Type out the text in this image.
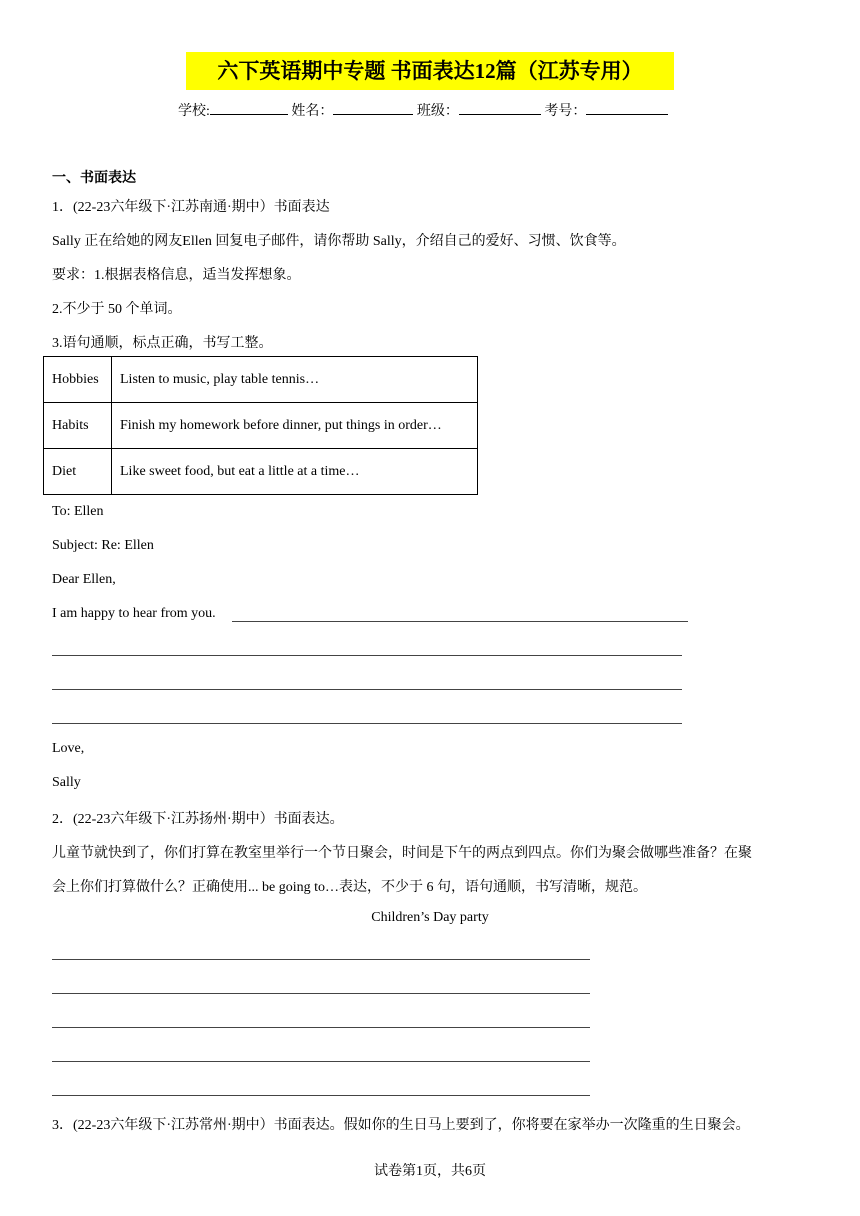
六下英语期中专题 书面表达12篇（江苏专用）
学校:	姓名：	班级：	考号：
一、书面表达
1．(22-23六年级下·江苏南通·期中）书面表达
Sally 正在给她的网友Ellen 回复电子邮件，请你帮助 Sally，介绍自己的爱好、习惯、饮食等。
要求：1.根据表格信息，适当发挥想象。
2.不少于 50 个单词。
3.语句通顺，标点正确，书写工整。
Hobbies	Listen to music, play table tennis…
Habits	Finish my homework before dinner, put things in order…
Diet	Like sweet food, but eat a little at a time…
To: Ellen
Subject: Re: Ellen
Dear Ellen,
I am happy to hear from you.
Love,
Sally
2．(22-23六年级下·江苏扬州·期中）书面表达。
儿童节就快到了，你们打算在教室里举行一个节日聚会，时间是下午的两点到四点。你们为聚会做哪些准备？在聚
会上你们打算做什么？正确使用... be going to…表达，不少于 6 句，语句通顺，书写清晰，规范。
Children’s Day party
3．(22-23六年级下·江苏常州·期中）书面表达。假如你的生日马上要到了，你将要在家举办一次隆重的生日聚会。
试卷第1页，共6页
